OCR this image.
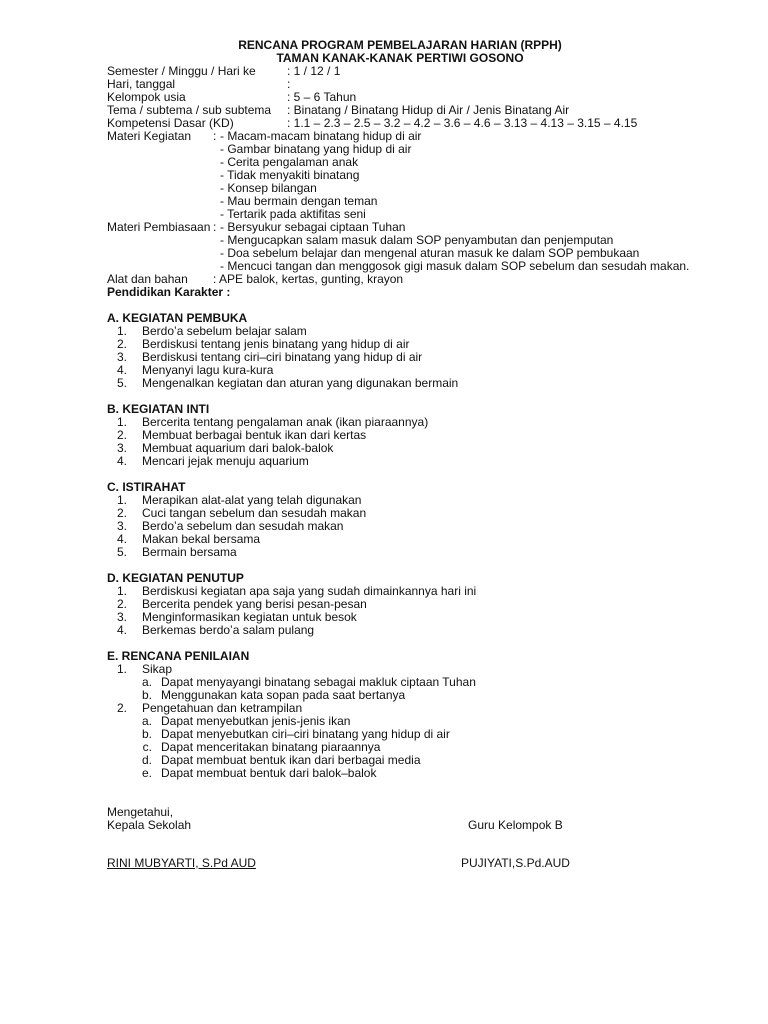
RENCANA PROGRAM PEMBELAJARAN HARIAN (RPPH)
TAMAN KANAK-KANAK PERTIWI GOSONO
Semester / Minggu / Hari ke	: 1 / 12 / 1
Hari, tanggal	:
Kelompok usia	: 5 – 6 Tahun
Tema / subtema / sub subtema	: Binatang / Binatang Hidup di Air / Jenis Binatang Air
Kompetensi Dasar (KD)	: 1.1 – 2.3 – 2.5 – 3.2 – 4.2 – 3.6 – 4.6 – 3.13 – 4.13 – 3.15 – 4.15
Materi Kegiatan	: - Macam-macam binatang hidup di air
- Gambar binatang yang hidup di air
- Cerita pengalaman anak
- Tidak menyakiti binatang
- Konsep bilangan
- Mau bermain dengan teman
- Tertarik pada aktifitas seni
Materi Pembiasaan : - Bersyukur sebagai ciptaan Tuhan
- Mengucapkan salam masuk dalam SOP penyambutan dan penjemputan
- Doa sebelum belajar dan mengenal aturan masuk ke dalam SOP pembukaan
- Mencuci tangan dan menggosok gigi masuk dalam SOP sebelum dan sesudah makan.
Alat dan bahan	: APE balok, kertas, gunting, krayon
Pendidikan Karakter :
A. KEGIATAN PEMBUKA
1. Berdo’a sebelum belajar salam
2. Berdiskusi tentang jenis binatang yang hidup di air
3. Berdiskusi tentang ciri–ciri binatang yang hidup di air
4. Menyanyi lagu kura-kura
5. Mengenalkan kegiatan dan aturan yang digunakan bermain
B. KEGIATAN INTI
1. Bercerita tentang pengalaman anak (ikan piaraannya)
2. Membuat berbagai bentuk ikan dari kertas
3. Membuat aquarium dari balok-balok
4. Mencari jejak menuju aquarium
C. ISTIRAHAT
1. Merapikan alat-alat yang telah digunakan
2. Cuci tangan sebelum dan sesudah makan
3. Berdo’a sebelum dan sesudah makan
4. Makan bekal bersama
5. Bermain bersama
D. KEGIATAN PENUTUP
1. Berdiskusi kegiatan apa saja yang sudah dimainkannya hari ini
2. Bercerita pendek yang berisi pesan-pesan
3. Menginformasikan kegiatan untuk besok
4. Berkemas berdo’a salam pulang
E. RENCANA PENILAIAN
1. Sikap
a. Dapat menyayangi binatang sebagai makluk ciptaan Tuhan
b. Menggunakan kata sopan pada saat bertanya
2. Pengetahuan dan ketrampilan
a. Dapat menyebutkan jenis-jenis ikan
b. Dapat menyebutkan ciri–ciri binatang yang hidup di air
c. Dapat menceritakan binatang piaraannya
d. Dapat membuat bentuk ikan dari berbagai media
e. Dapat membuat bentuk dari balok–balok
Mengetahui,
Kepala Sekolah	Guru Kelompok B
RINI MUBYARTI, S.Pd AUD	PUJIYATI,S.Pd.AUD
